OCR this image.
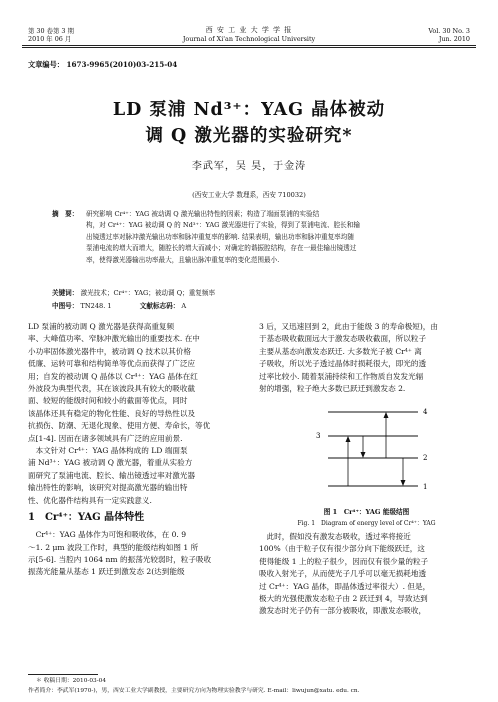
第 30 卷第 3 期
2010 年 06 月
西 安 工 业 大 学 学 报
Journal of Xi'an Technological University
Vol. 30 No. 3
Jun. 2010
文章编号： 1673-9965(2010)03-215-04
LD 泵浦 Nd³⁺：YAG 晶体被动
调 Q 激光器的实验研究*
李武军，吴 昊，于金涛
(西安工业大学 数理系，西安 710032)
摘　要： 研究影响 Cr⁴⁺：YAG 被动调 Q 激光输出特性的因素；构造了端面泵浦的实验结
构，对 Cr⁴⁺：YAG 被动调 Q 的 Nd³⁺：YAG 激光器进行了实验，得到了泵浦电流、腔长和输
出镜透过率对脉冲激光输出功率和脉冲重复率的影响. 结果表明，输出功率和脉冲重复率均随
泵浦电流的增大而增大，随腔长的增大而减小；对确定的谐振腔结构，存在一最佳输出镜透过
率，使得激光器输出功率最大，且输出脉冲重复率的变化范围最小.
关键词： 激光技术；Cr⁴⁺：YAG；被动调 Q；重复频率
中图号： TN248. 1	文献标志码： A
LD 泵浦的被动调 Q 激光器是获得高重复频
率、大峰值功率、窄脉冲激光输出的重要技术. 在中
小功率固体激光器件中，被动调 Q 技术以其价格
低廉、运转可靠和结构简单等优点而获得了广泛应
用；自发的被动调 Q 晶体以 Cr⁴⁺：YAG 晶体在红
外波段为典型代表，其在该波段具有较大的吸收截
面、较短的能级时间和较小的截面等优点，同时
该晶体还具有稳定的物化性能、良好的导热性以及
抗损伤、防潮、无退化现象、使用方便、寿命长，等优
点[1-4]. 因而在诸多领域具有广泛的应用前景.
　本文针对 Cr⁴⁺：YAG 晶体构成的 LD 端面泵
浦 Nd³⁺：YAG 被动调 Q 激光器，着重从实验方
面研究了泵浦电流、腔长、输出镜透过率对激光器
输出特性的影响，该研究对提高激光器的输出特
性、优化器件结构具有一定实践意义.
1　Cr⁴⁺：YAG 晶体特性
　Cr⁴⁺：YAG 晶体作为可饱和吸收体，在 0. 9
～1. 2 μm 波段工作时，典型的能级结构如图 1 所
示[5-6]. 当腔内 1064 nm 的振荡光较弱时，粒子吸收
振荡光能量从基态 1 跃迁到激发态 2(达到能级
3 后，又迅速回到 2，此由于能级 3 的寿命极短)，由
于基态吸收截面远大于激发态吸收截面，所以粒子
主要从基态向激发态跃迁. 大多数光子被 Cr⁴⁺ 离
子吸收，所以光子透过晶体时损耗很大，即光的透
过率比较小. 随着泵浦持续和工作物质自发发光辐
射的增强，粒子绝大多数已跃迁到激发态 2.
4
3
2
1
图 1　Cr⁴⁺：YAG 能级结图
Fig. 1　Diagram of energy level of Cr⁴⁺：YAG
　此时，假如没有激发态吸收，透过率将接近
100%（由于粒子仅有很少部分向下能级跃迁，这
使得能级 1 上的粒子很少，因而仅有很少量的粒子
吸收入射光子，从而使光子几乎可以毫无损耗地透
过 Cr⁴⁺：YAG 晶体，即晶体透过率很大）. 但是，
极大的光强使激发态粒子由 2 跃迁到 4，导致达到
激发态时光子仍有一部分被吸收，即激发态吸收，
＊ 收稿日期：2010-03-04
作者简介：李武军(1970-)，男，西安工业大学副教授，主要研究方向为物理实验教学与研究. E-mail：liwujun@xatu. edu. cn.
